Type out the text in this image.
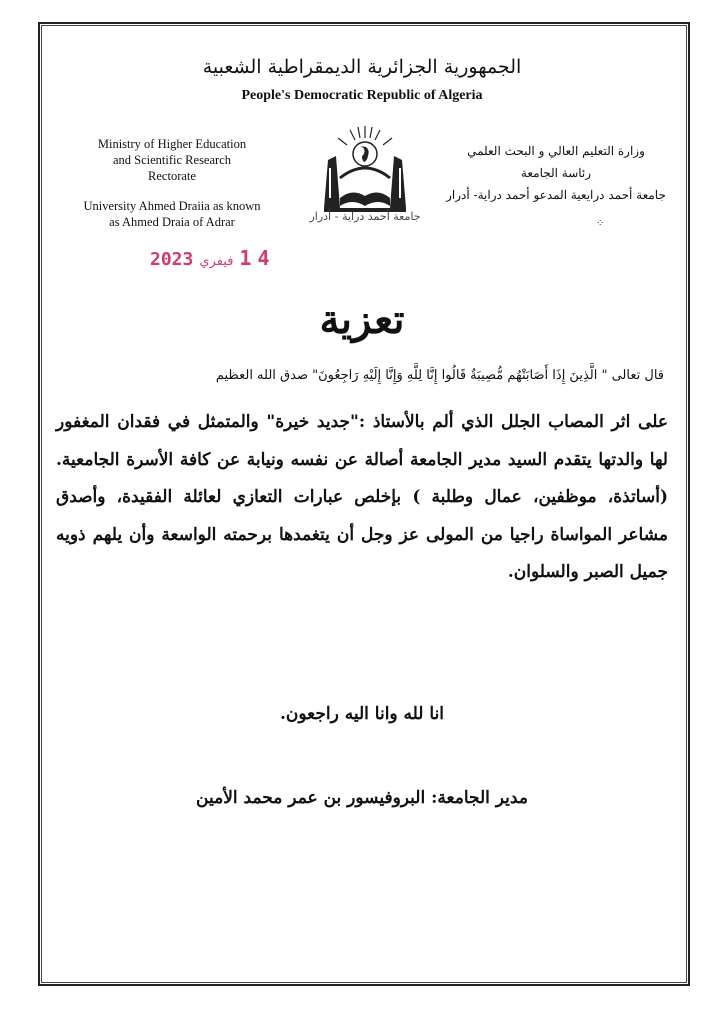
الجمهورية الجزائرية الديمقراطية الشعبية
People's Democratic Republic of Algeria
Ministry of Higher Education
and Scientific Research
Rectorate
University Ahmed Draiia as known
as Ahmed Draia of Adrar	جامعة أحمد دراية - أدرار
وزارة التعليم العالي و البحث العلمي
رئاسة الجامعة
جامعة أحمد درايعية المدعو أحمد دراية- أدرار
⁘
2023 فيفري 14
تعزية
قال تعالى " الَّذِينَ إِذَا أَصَابَتْهُم مُّصِيبَةٌ قَالُوا إِنَّا لِلَّهِ وَإِنَّا إِلَيْهِ رَاجِعُونَ" صدق الله العظيم
على اثر المصاب الجلل الذي ألم بالأستاذ :"جديد خيرة" والمتمثل في فقدان المغفور لها والدتها يتقدم السيد مدير الجامعة أصالة عن نفسه ونيابة عن كافة الأسرة الجامعية.(أساتذة، موظفين، عمال وطلبة ) بإخلص عبارات التعازي لعائلة الفقيدة، وأصدق مشاعر المواساة راجيا من المولى عز وجل أن يتغمدها برحمته الواسعة وأن يلهم ذويه جميل الصبر والسلوان.
انا لله وانا اليه راجعون.
مدير الجامعة: البروفيسور بن عمر محمد الأمين
